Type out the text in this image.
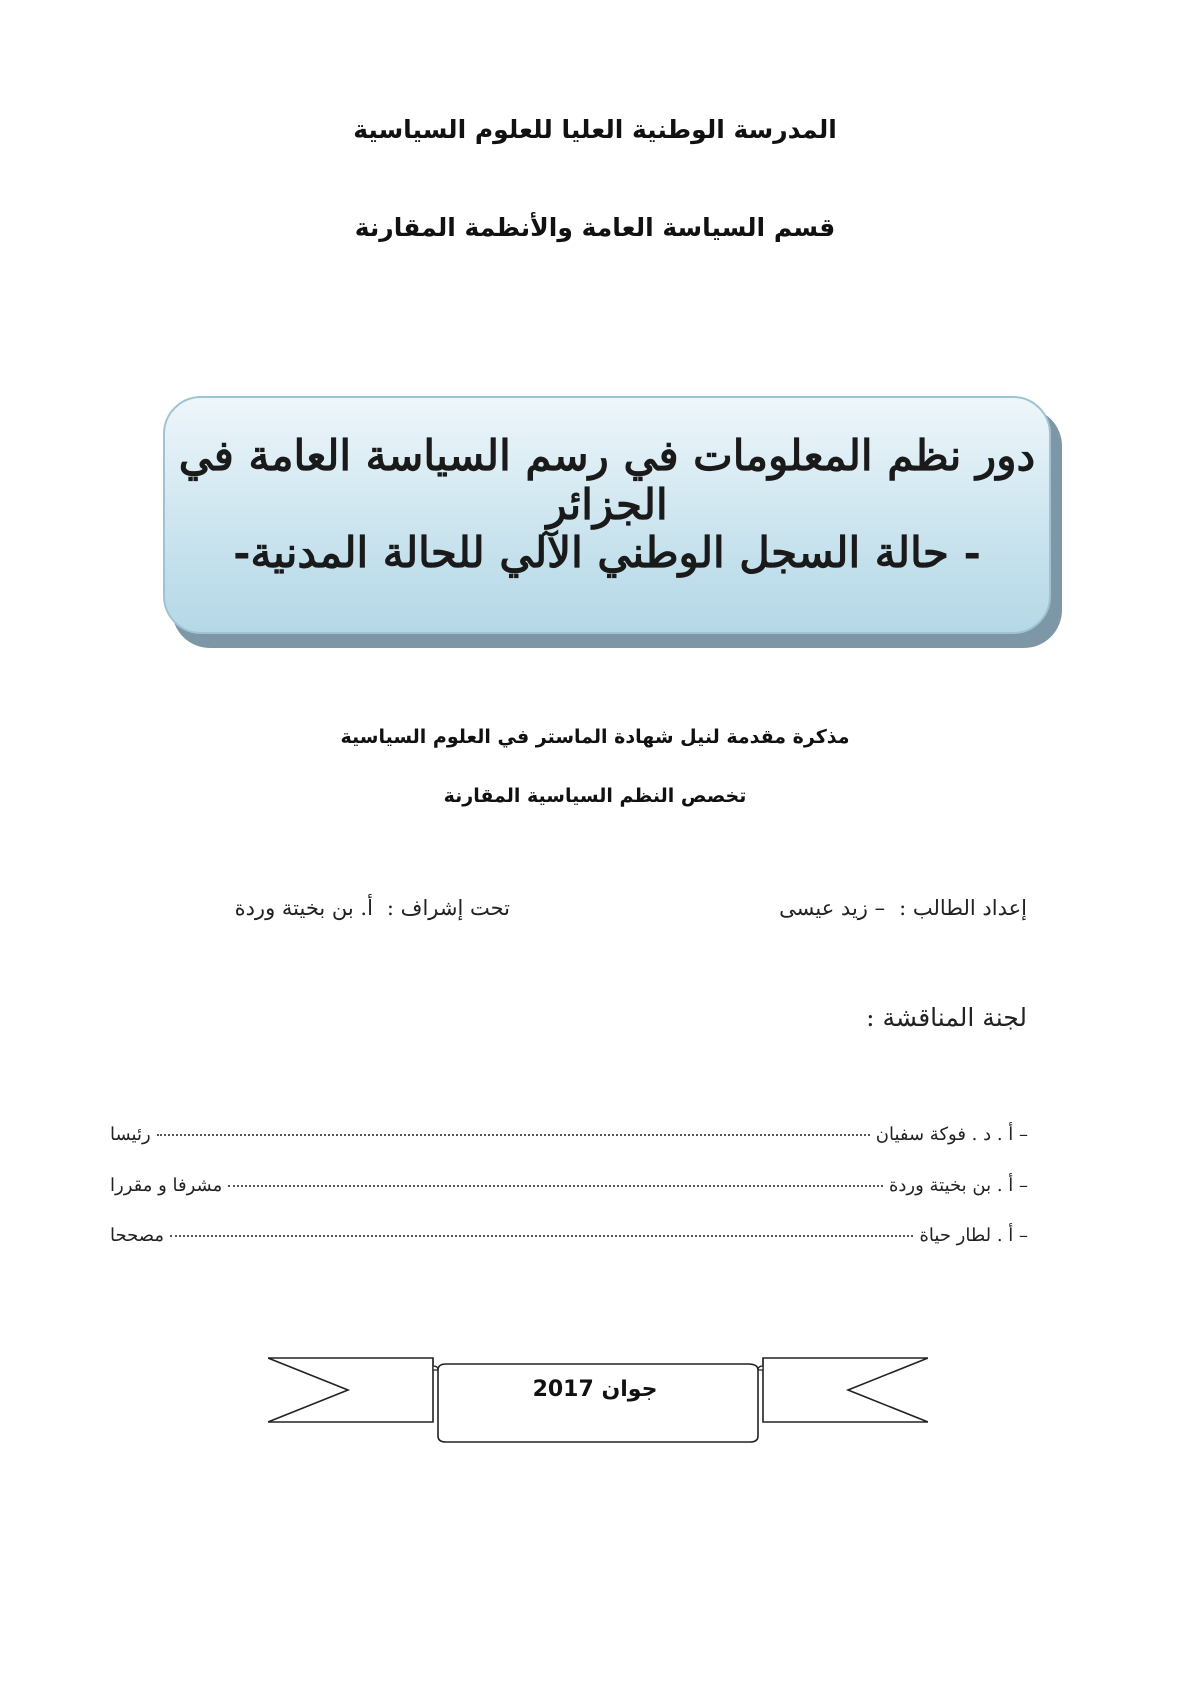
المدرسة الوطنية العليا للعلوم السياسية
قسم السياسة العامة والأنظمة المقارنة
دور نظم المعلومات في رسم السياسة العامة في الجزائر
- حالة السجل الوطني الآلي للحالة المدنية-
مذكرة مقدمة لنيل شهادة الماستر في العلوم السياسية
تخصص النظم السياسية المقارنة
إعداد الطالب :– زيد عيسى
تحت إشراف :أ. بن بخيتة وردة
لجنة المناقشة :
– أ . د . فوكة سفيان
رئيسا
– أ . بن بخيتة وردة
مشرفا و مقررا
– أ . لطار حياة
مصححا
جوان 2017
